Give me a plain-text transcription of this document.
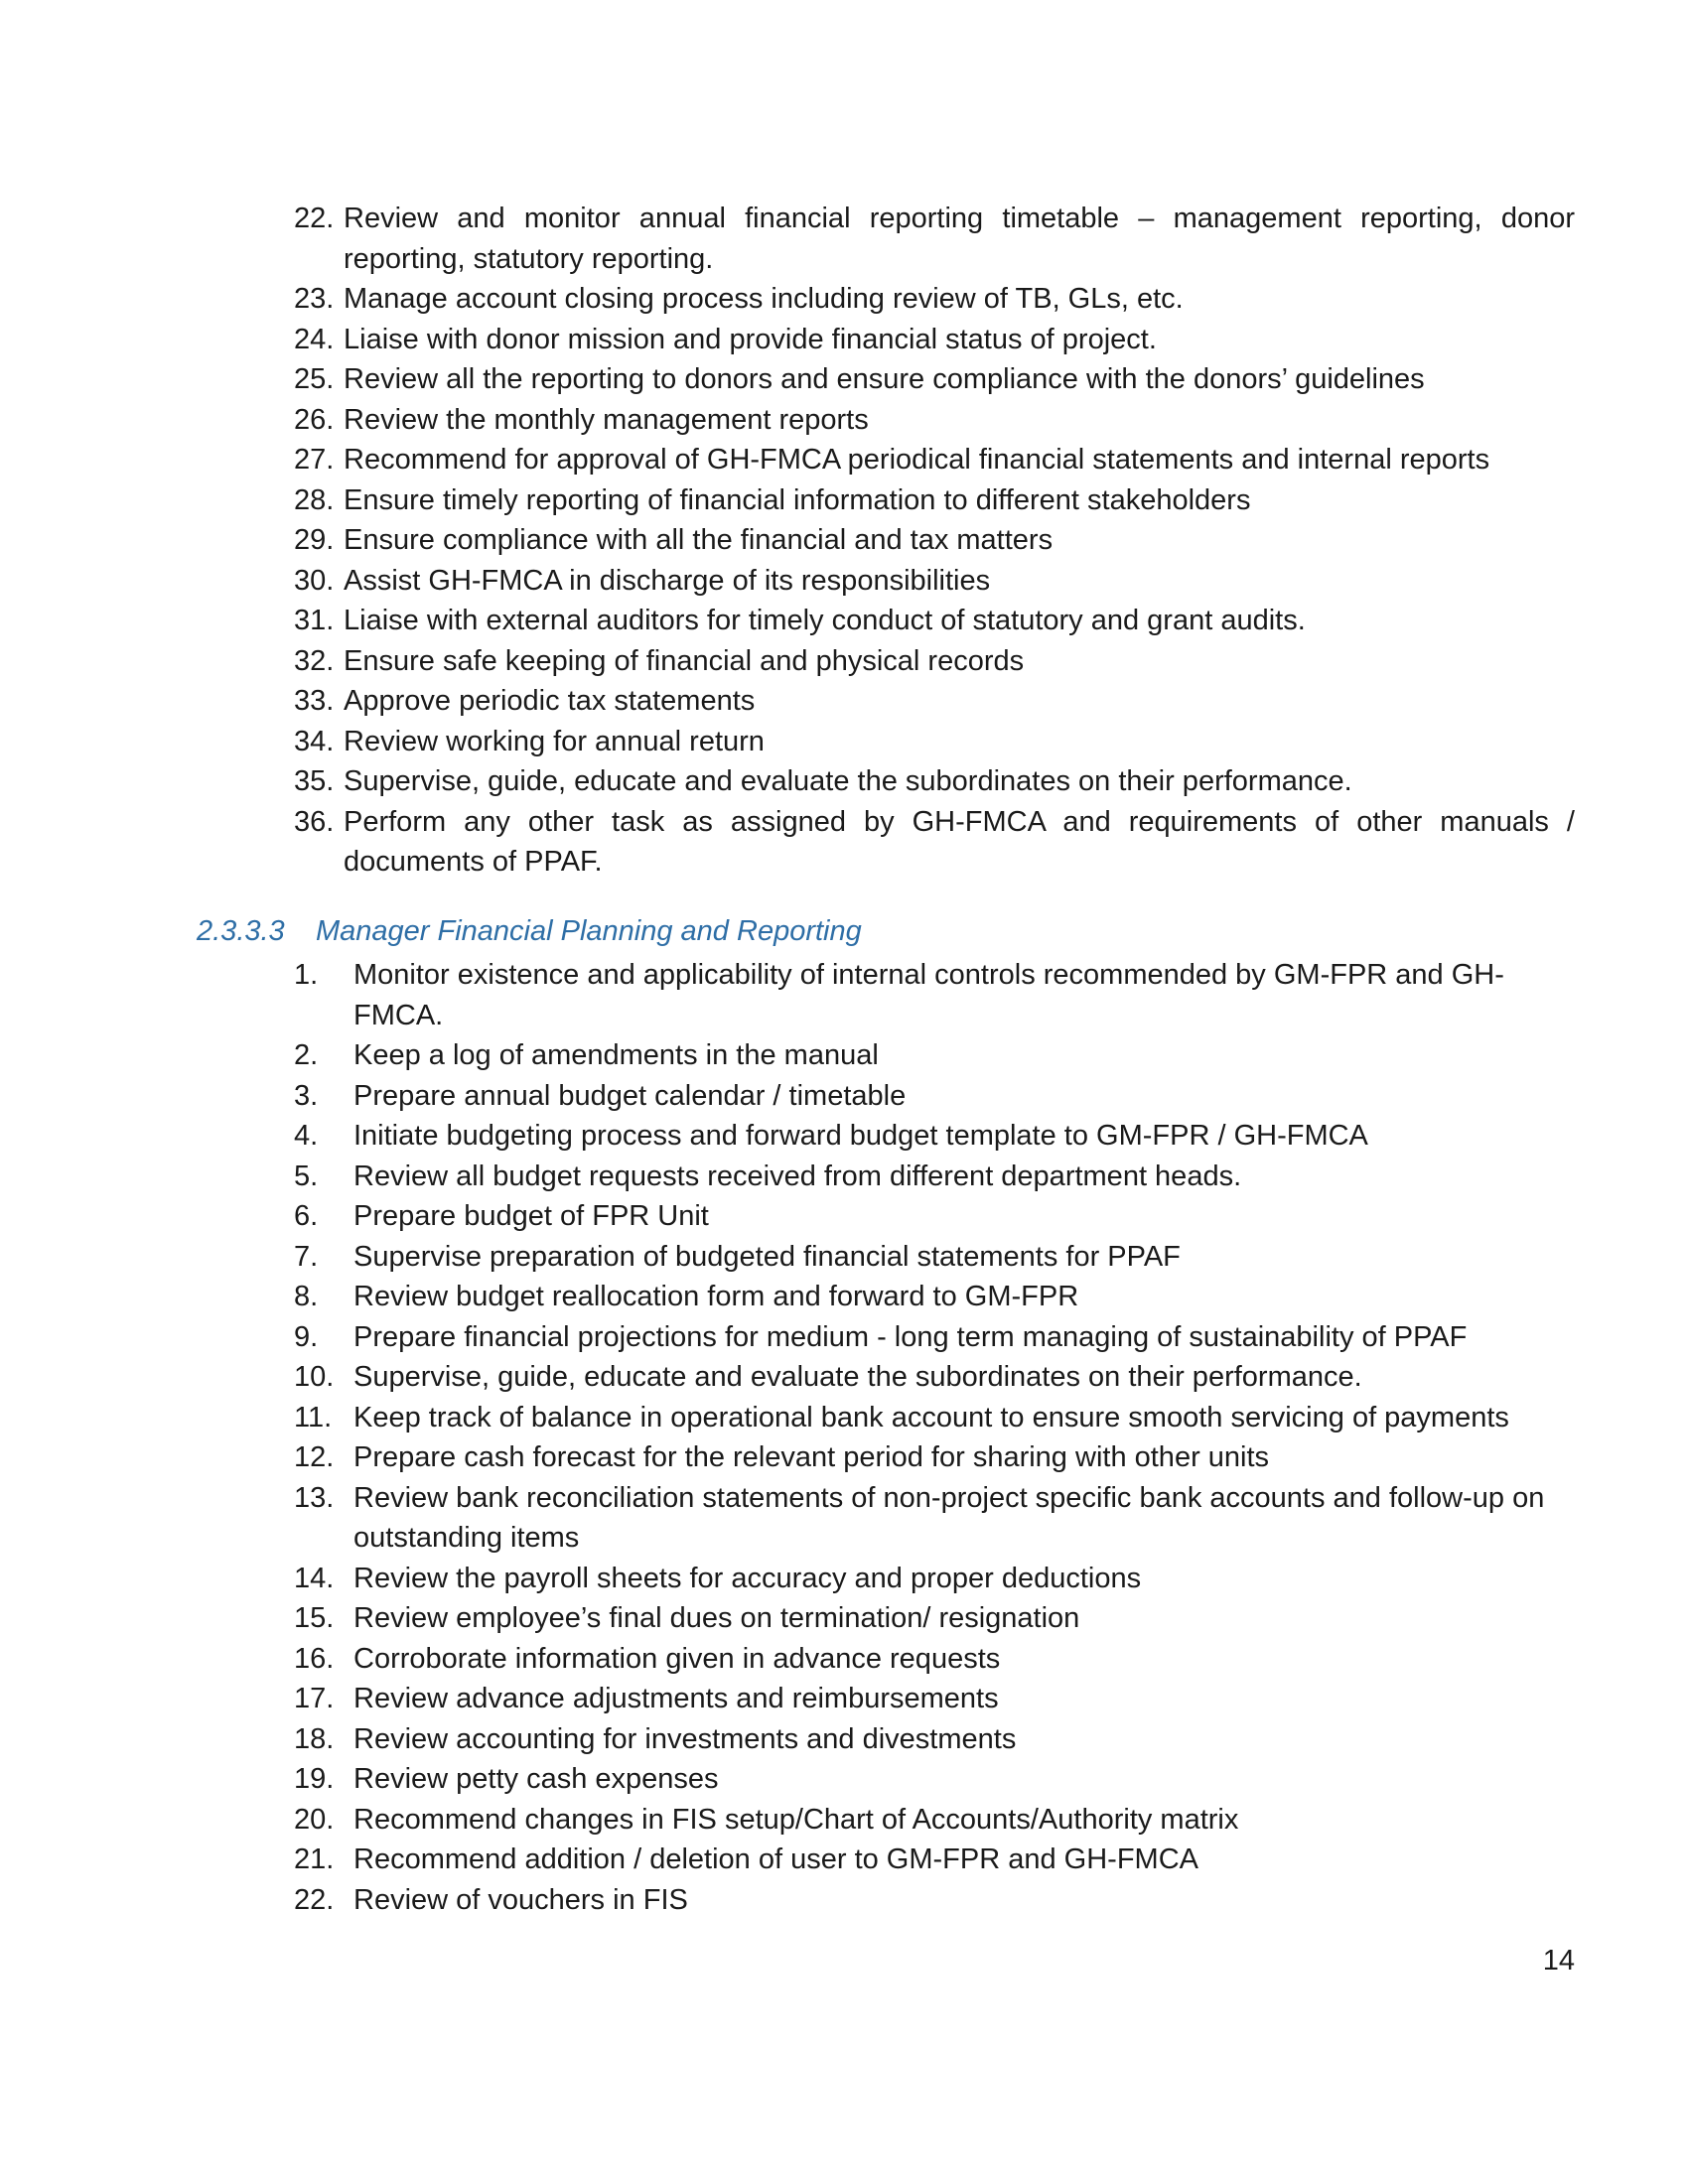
22. Review and monitor annual financial reporting timetable – management reporting, donor reporting, statutory reporting.
23. Manage account closing process including review of TB, GLs, etc.
24. Liaise with donor mission and provide financial status of project.
25. Review all the reporting to donors and ensure compliance with the donors’ guidelines
26. Review the monthly management reports
27. Recommend for approval of GH-FMCA periodical financial statements and internal reports
28. Ensure timely reporting of financial information to different stakeholders
29. Ensure compliance with all the financial and tax matters
30. Assist GH-FMCA in discharge of its responsibilities
31. Liaise with external auditors for timely conduct of statutory and grant audits.
32. Ensure safe keeping of financial and physical records
33. Approve periodic tax statements
34. Review working for annual return
35. Supervise, guide, educate and evaluate the subordinates on their performance.
36. Perform any other task as assigned by GH-FMCA and requirements of other manuals / documents of PPAF.
2.3.3.3 Manager Financial Planning and Reporting
1. Monitor existence and applicability of internal controls recommended by GM-FPR and GH-FMCA.
2. Keep a log of amendments in the manual
3. Prepare annual budget calendar / timetable
4. Initiate budgeting process and forward budget template to GM-FPR / GH-FMCA
5. Review all budget requests received from different department heads.
6. Prepare budget of FPR Unit
7. Supervise preparation of budgeted financial statements for PPAF
8. Review budget reallocation form and forward to GM-FPR
9. Prepare financial projections for medium - long term managing of sustainability of PPAF
10. Supervise, guide, educate and evaluate the subordinates on their performance.
11. Keep track of balance in operational bank account to ensure smooth servicing of payments
12. Prepare cash forecast for the relevant period for sharing with other units
13. Review bank reconciliation statements of non-project specific bank accounts and follow-up on outstanding items
14. Review the payroll sheets for accuracy and proper deductions
15. Review employee’s final dues on termination/ resignation
16. Corroborate information given in advance requests
17. Review advance adjustments and reimbursements
18. Review accounting for investments and divestments
19. Review petty cash expenses
20. Recommend changes in FIS setup/Chart of Accounts/Authority matrix
21. Recommend addition / deletion of user to GM-FPR and GH-FMCA
22. Review of vouchers in FIS
14
